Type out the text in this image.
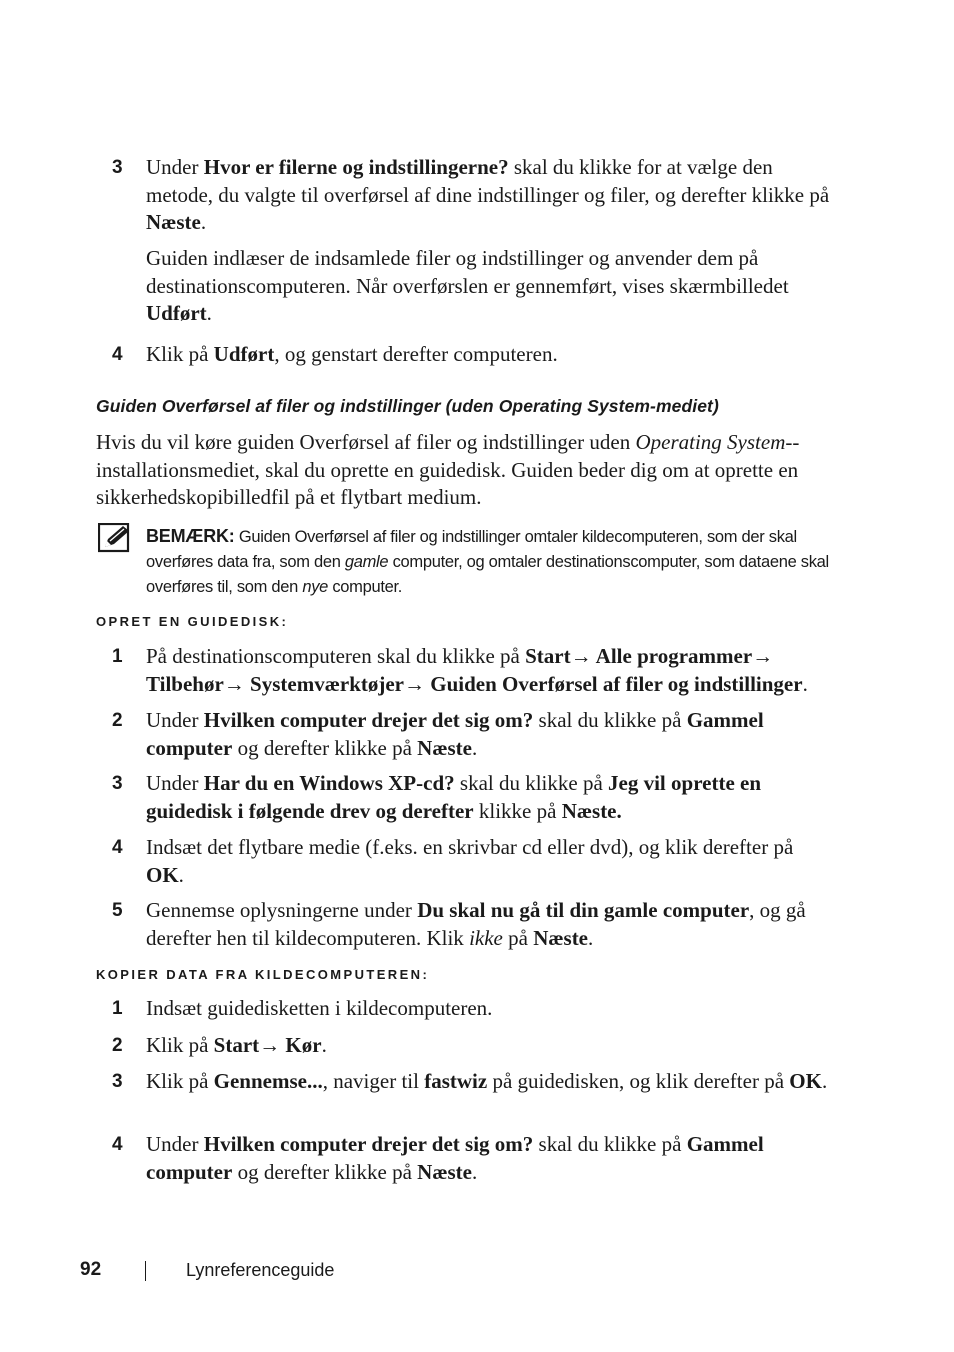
3	Under Hvor er filerne og indstillingerne? skal du klikke for at vælge den metode, du valgte til overførsel af dine indstillinger og filer, og derefter klikke på Næste.
Guiden indlæser de indsamlede filer og indstillinger og anvender dem på destinationscomputeren. Når overførslen er gennemført, vises skærmbilledet Udført.
4	Klik på Udført, og genstart derefter computeren.
Guiden Overførsel af filer og indstillinger (uden Operating System-mediet)
Hvis du vil køre guiden Overførsel af filer og indstillinger uden Operating System--installationsmediet, skal du oprette en guidedisk. Guiden beder dig om at oprette en sikkerhedskopibilledfil på et flytbart medium.
BEMÆRK: Guiden Overførsel af filer og indstillinger omtaler kildecomputeren, som der skal overføres data fra, som den gamle computer, og omtaler destinationscomputer, som dataene skal overføres til, som den nye computer.
OPRET EN GUIDEDISK:
1	På destinationscomputeren skal du klikke på Start→ Alle programmer→ Tilbehør→ Systemværktøjer→ Guiden Overførsel af filer og indstillinger.
2	Under Hvilken computer drejer det sig om? skal du klikke på Gammel computer og derefter klikke på Næste.
3	Under Har du en Windows XP-cd? skal du klikke på Jeg vil oprette en guidedisk i følgende drev og derefter klikke på Næste.
4	Indsæt det flytbare medie (f.eks. en skrivbar cd eller dvd), og klik derefter på OK.
5	Gennemse oplysningerne under Du skal nu gå til din gamle computer, og gå derefter hen til kildecomputeren. Klik ikke på Næste.
KOPIER DATA FRA KILDECOMPUTEREN:
1	Indsæt guidedisketten i kildecomputeren.
2	Klik på Start→ Kør.
3	Klik på Gennemse..., naviger til fastwiz på guidedisken, og klik derefter på OK.
4	Under Hvilken computer drejer det sig om? skal du klikke på Gammel computer og derefter klikke på Næste.
92	Lynreferenceguide
